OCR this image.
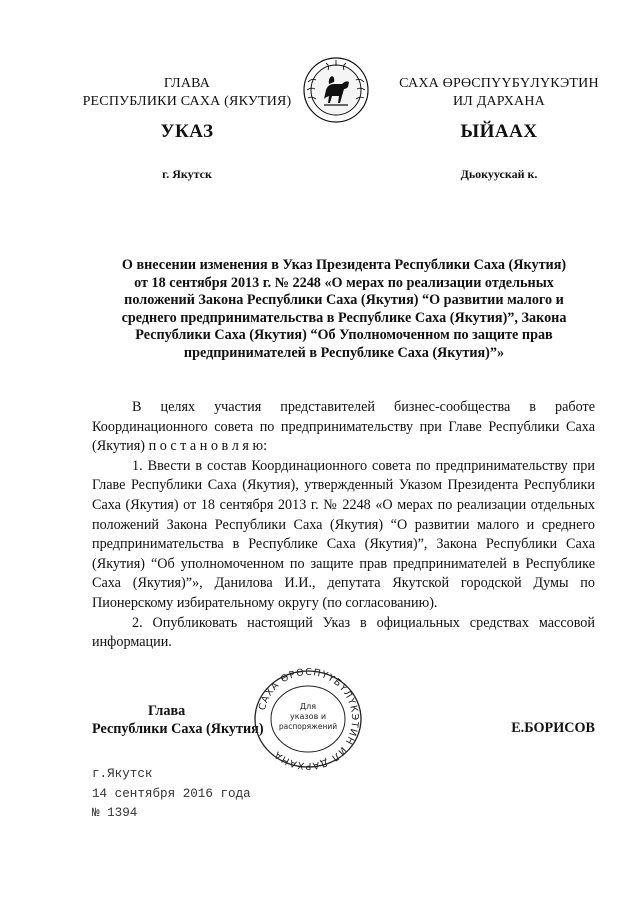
ГЛАВА
РЕСПУБЛИКИ САХА (ЯКУТИЯ)
САХА ӨРӨСПҮҮБҮЛҮКЭТИН
ИЛ ДАРХАНА
УКАЗ	ЫЙААХ
г. Якутск	Дьокуускай к.
О внесении изменения в Указ Президента Республики Саха (Якутия)
от 18 сентября 2013 г. № 2248 «О мерах по реализации отдельных
положений Закона Республики Саха (Якутия) “О развитии малого и
среднего предпринимательства в Республике Саха (Якутия)”, Закона
Республики Саха (Якутия) “Об Уполномоченном по защите прав
предпринимателей в Республике Саха (Якутия)”»

В целях участия представителей бизнес-сообщества в работе Координационного совета по предпринимательству при Главе Республики Саха (Якутия) п о с т а н о в л я ю:

1. Ввести в состав Координационного совета по предпринимательству при Главе Республики Саха (Якутия), утвержденный Указом Президента Республики Саха (Якутия) от 18 сентября 2013 г. № 2248 «О мерах по реализации отдельных положений Закона Республики Саха (Якутия) “О развитии малого и среднего предпринимательства в Республике Саха (Якутия)”, Закона Республики Саха (Якутия) “Об уполномоченном по защите прав предпринимателей в Республике Саха (Якутия)”», Данилова И.И., депутата Якутской городской Думы по Пионерскому избирательному округу (по согласованию).

2. Опубликовать настоящий Указ в официальных средствах массовой информации.

Глава
Республики Саха (Якутия)
САХА ӨРӨСПҮҮБҮЛҮКЭТИН ИЛ ДАРХАНА
Для
указов и
распоряжений	Е.БОРИСОВ
г.Якутск
14 сентября 2016 года
№ 1394
